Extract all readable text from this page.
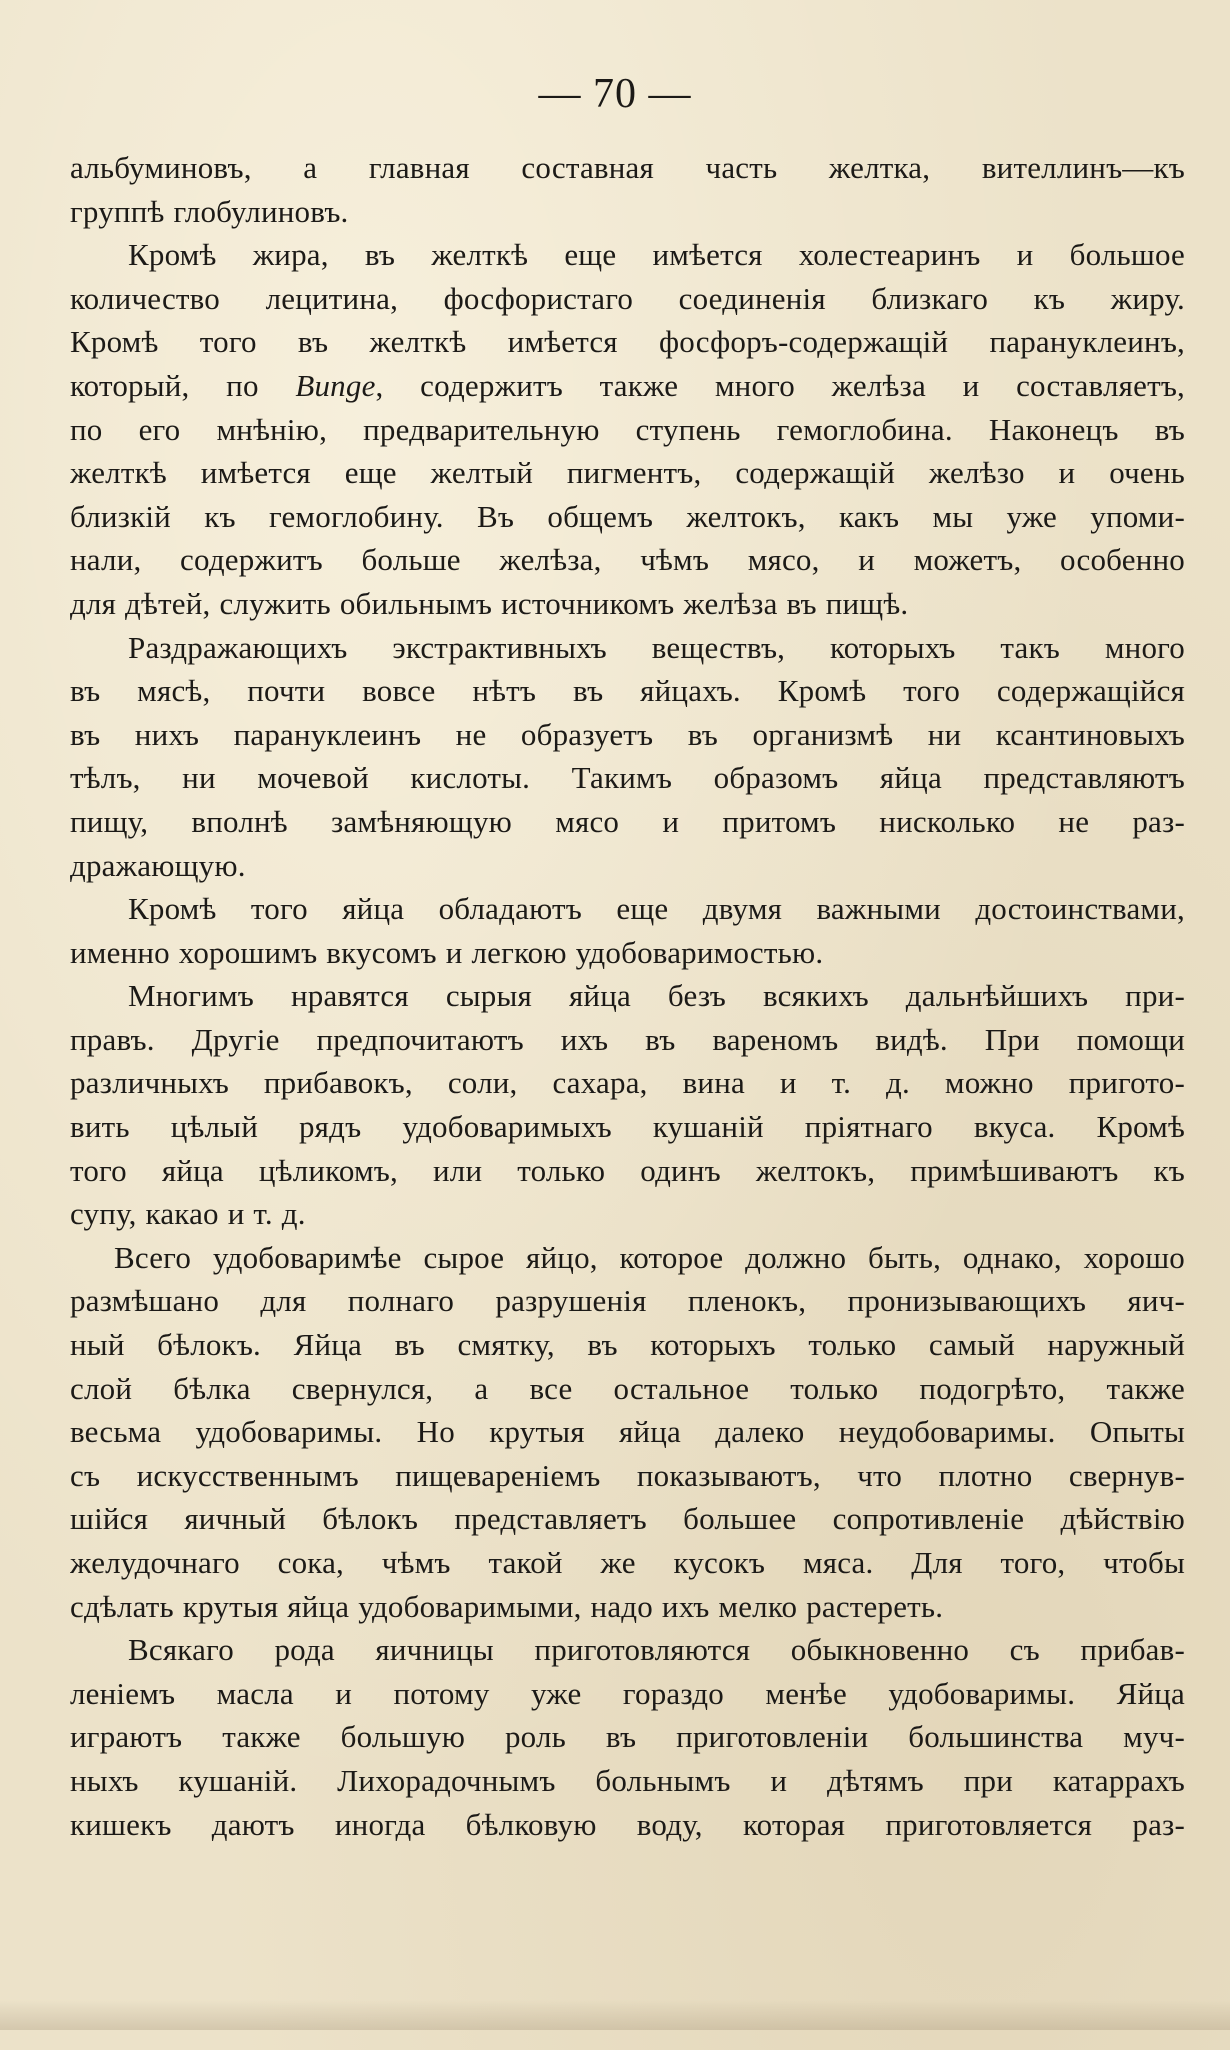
— 70 —
альбуминовъ, а главная составная часть желтка, вителлинъ—къ
группѣ глобулиновъ.
Кромѣ жира, въ желткѣ еще имѣется холестеаринъ и большое
количество лецитина, фосфористаго соединенія близкаго къ жиру.
Кромѣ того въ желткѣ имѣется фосфоръ-содержащій парануклеинъ,
который, по Bunge, содержитъ также много желѣза и составляетъ,
по его мнѣнію, предварительную ступень гемоглобина. Наконецъ въ
желткѣ имѣется еще желтый пигментъ, содержащій желѣзо и очень
близкій къ гемоглобину. Въ общемъ желтокъ, какъ мы уже упоми-
нали, содержитъ больше желѣза, чѣмъ мясо, и можетъ, особенно
для дѣтей, служить обильнымъ источникомъ желѣза въ пищѣ.
Раздражающихъ экстрактивныхъ веществъ, которыхъ такъ много
въ мясѣ, почти вовсе нѣтъ въ яйцахъ. Кромѣ того содержащійся
въ нихъ парануклеинъ не образуетъ въ организмѣ ни ксантиновыхъ
тѣлъ, ни мочевой кислоты. Такимъ образомъ яйца представляютъ
пищу, вполнѣ замѣняющую мясо и притомъ нисколько не раз-
дражающую.
Кромѣ того яйца обладаютъ еще двумя важными достоинствами,
именно хорошимъ вкусомъ и легкою удобоваримостью.
Многимъ нравятся сырыя яйца безъ всякихъ дальнѣйшихъ при-
правъ. Другіе предпочитаютъ ихъ въ вареномъ видѣ. При помощи
различныхъ прибавокъ, соли, сахара, вина и т. д. можно пригото-
вить цѣлый рядъ удобоваримыхъ кушаній пріятнаго вкуса. Кромѣ
того яйца цѣликомъ, или только одинъ желтокъ, примѣшиваютъ къ
супу, какао и т. д.
Всего удобоваримѣе сырое яйцо, которое должно быть, однако, хорошо
размѣшано для полнаго разрушенія пленокъ, пронизывающихъ яич-
ный бѣлокъ. Яйца въ смятку, въ которыхъ только самый наружный
слой бѣлка свернулся, а все остальное только подогрѣто, также
весьма удобоваримы. Но крутыя яйца далеко неудобоваримы. Опыты
съ искусственнымъ пищевареніемъ показываютъ, что плотно свернув-
шійся яичный бѣлокъ представляетъ большее сопротивленіе дѣйствію
желудочнаго сока, чѣмъ такой же кусокъ мяса. Для того, чтобы
сдѣлать крутыя яйца удобоваримыми, надо ихъ мелко растереть.
Всякаго рода яичницы приготовляются обыкновенно съ прибав-
леніемъ масла и потому уже гораздо менѣе удобоваримы. Яйца
играютъ также большую роль въ приготовленіи большинства муч-
ныхъ кушаній. Лихорадочнымъ больнымъ и дѣтямъ при катаррахъ
кишекъ даютъ иногда бѣлковую воду, которая приготовляется раз-
